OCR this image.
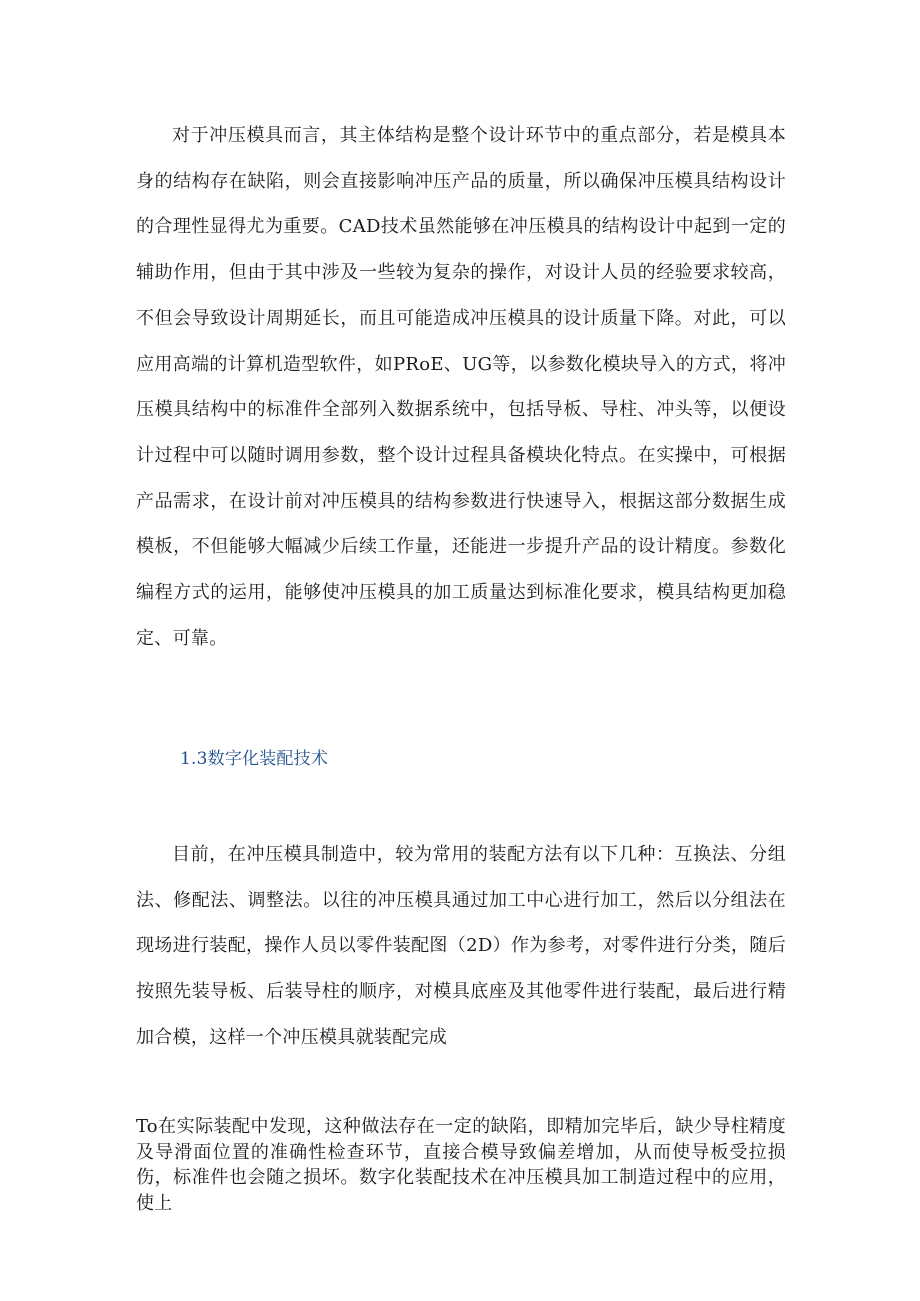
对于冲压模具而言，其主体结构是整个设计环节中的重点部分，若是模具本身的结构存在缺陷，则会直接影响冲压产品的质量，所以确保冲压模具结构设计的合理性显得尤为重要。CAD技术虽然能够在冲压模具的结构设计中起到一定的辅助作用，但由于其中涉及一些较为复杂的操作，对设计人员的经验要求较高，不但会导致设计周期延长，而且可能造成冲压模具的设计质量下降。对此，可以应用高端的计算机造型软件，如PRoE、UG等，以参数化模块导入的方式，将冲压模具结构中的标准件全部列入数据系统中，包括导板、导柱、冲头等，以便设计过程中可以随时调用参数，整个设计过程具备模块化特点。在实操中，可根据产品需求，在设计前对冲压模具的结构参数进行快速导入，根据这部分数据生成模板，不但能够大幅减少后续工作量，还能进一步提升产品的设计精度。参数化编程方式的运用，能够使冲压模具的加工质量达到标准化要求，模具结构更加稳定、可靠。

1.3数字化装配技术

目前，在冲压模具制造中，较为常用的装配方法有以下几种：互换法、分组法、修配法、调整法。以往的冲压模具通过加工中心进行加工，然后以分组法在现场进行装配，操作人员以零件装配图（2D）作为参考，对零件进行分类，随后按照先装导板、后装导柱的顺序，对模具底座及其他零件进行装配，最后进行精加合模，这样一个冲压模具就装配完成

To在实际装配中发现，这种做法存在一定的缺陷，即精加完毕后，缺少导柱精度及导滑面位置的准确性检查环节，直接合模导致偏差增加，从而使导板受拉损伤，标准件也会随之损坏。数字化装配技术在冲压模具加工制造过程中的应用，使上
